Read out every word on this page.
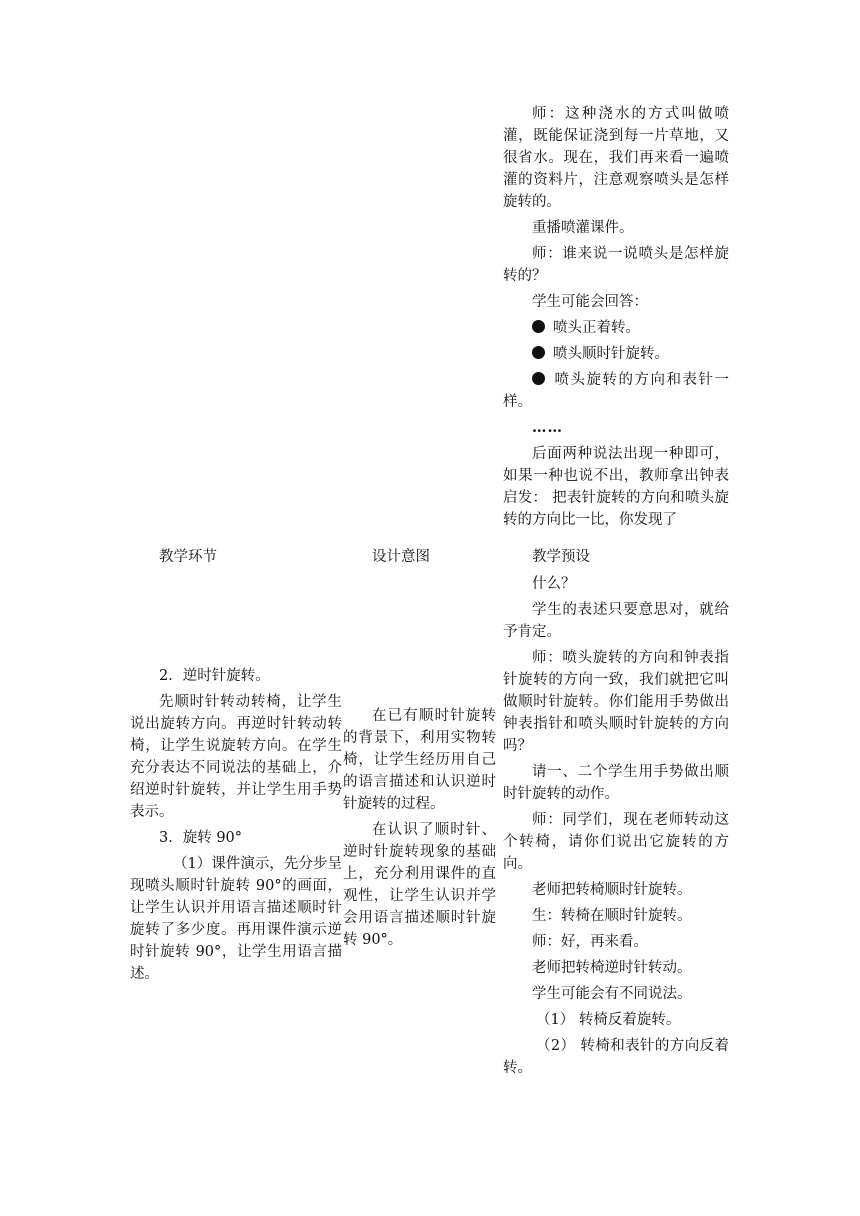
师：这种浇水的方式叫做喷灌，既能保证浇到每一片草地，又很省水。现在，我们再来看一遍喷灌的资料片，注意观察喷头是怎样旋转的。

重播喷灌课件。

师：谁来说一说喷头是怎样旋转的？

学生可能会回答：

喷头正着转。

喷头顺时针旋转。

喷头旋转的方向和表针一样。

……

后面两种说法出现一种即可，如果一种也说不出，教师拿出钟表启发： 把表针旋转的方向和喷头旋转的方向比一比，你发现了

教学环节	设计意图	教学预设

什么？

学生的表述只要意思对，就给予肯定。

师：喷头旋转的方向和钟表指针旋转的方向一致，我们就把它叫做顺时针旋转。你们能用手势做出钟表指针和喷头顺时针旋转的方向吗？

请一、二个学生用手势做出顺时针旋转的动作。

师：同学们，现在老师转动这个转椅，请你们说出它旋转的方向。

老师把转椅顺时针旋转。

生：转椅在顺时针旋转。

师：好，再来看。

老师把转椅逆时针转动。

学生可能会有不同说法。

（1） 转椅反着旋转。

（2） 转椅和表针的方向反着转。

2．逆时针旋转。

先顺时针转动转椅，让学生说出旋转方向。再逆时针转动转椅，让学生说旋转方向。在学生充分表达不同说法的基础上，介绍逆时针旋转，并让学生用手势表示。

3．旋转 90°

（1）课件演示，先分步呈现喷头顺时针旋转 90°的画面，让学生认识并用语言描述顺时针旋转了多少度。再用课件演示逆时针旋转 90°，让学生用语言描述。

在已有顺时针旋转的背景下，利用实物转椅，让学生经历用自己的语言描述和认识逆时针旋转的过程。

在认识了顺时针、逆时针旋转现象的基础上，充分利用课件的直观性，让学生认识并学会用语言描述顺时针旋转 90°。
